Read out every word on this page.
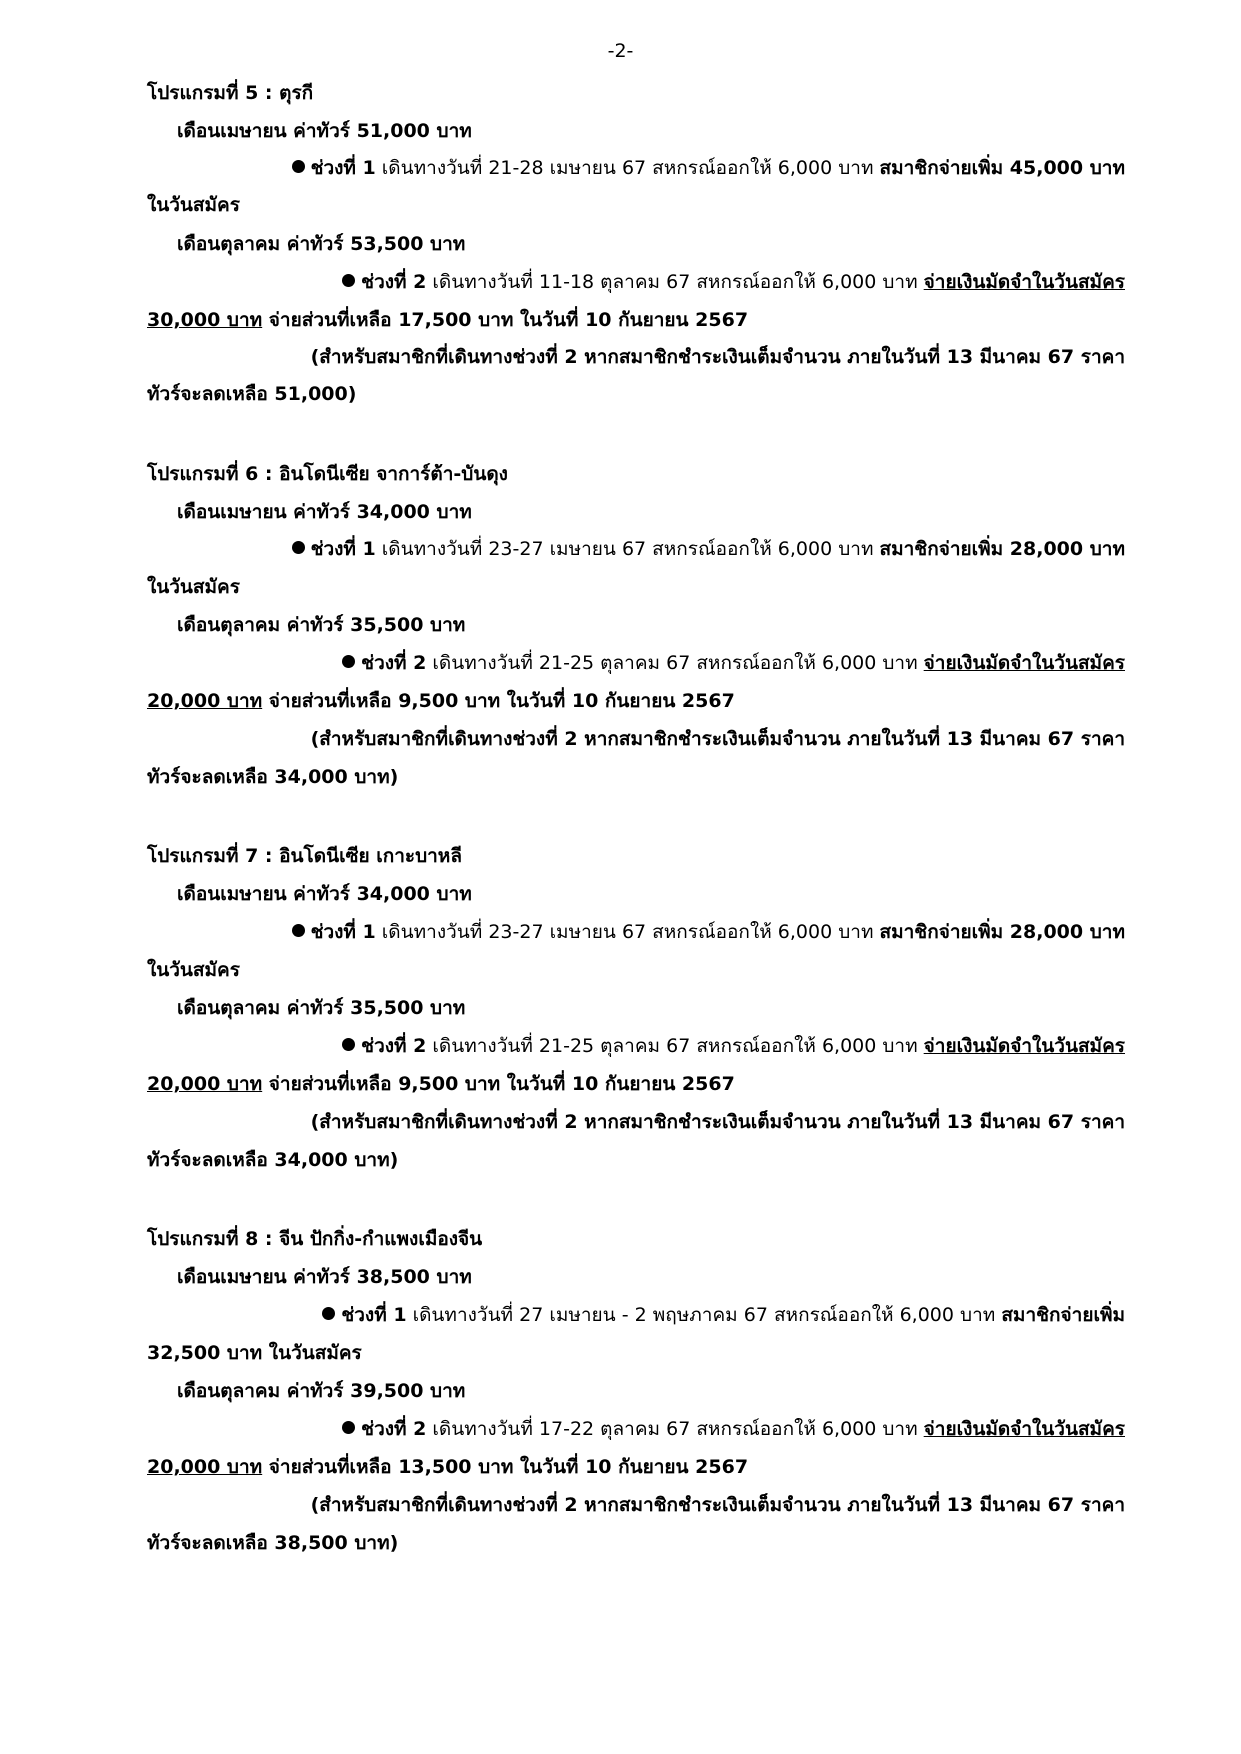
-2-
โปรแกรมที่ 5 : ตุรกี
เดือนเมษายน ค่าทัวร์ 51,000 บาท
ช่วงที่ 1 เดินทางวันที่ 21-28 เมษายน 67 สหกรณ์ออกให้ 6,000 บาท สมาชิกจ่ายเพิ่ม 45,000 บาท
ในวันสมัคร
เดือนตุลาคม ค่าทัวร์ 53,500 บาท
ช่วงที่ 2 เดินทางวันที่ 11-18 ตุลาคม 67 สหกรณ์ออกให้ 6,000 บาท จ่ายเงินมัดจำในวันสมัคร
30,000 บาท จ่ายส่วนที่เหลือ 17,500 บาท ในวันที่ 10 กันยายน 2567
(สำหรับสมาชิกที่เดินทางช่วงที่ 2 หากสมาชิกชำระเงินเต็มจำนวน ภายในวันที่ 13 มีนาคม 67 ราคา
ทัวร์จะลดเหลือ 51,000)
โปรแกรมที่ 6 : อินโดนีเซีย จาการ์ต้า-บันดุง
เดือนเมษายน ค่าทัวร์ 34,000 บาท
ช่วงที่ 1 เดินทางวันที่ 23-27 เมษายน 67 สหกรณ์ออกให้ 6,000 บาท สมาชิกจ่ายเพิ่ม 28,000 บาท
ในวันสมัคร
เดือนตุลาคม ค่าทัวร์ 35,500 บาท
ช่วงที่ 2 เดินทางวันที่ 21-25 ตุลาคม 67 สหกรณ์ออกให้ 6,000 บาท จ่ายเงินมัดจำในวันสมัคร
20,000 บาท จ่ายส่วนที่เหลือ 9,500 บาท ในวันที่ 10 กันยายน 2567
(สำหรับสมาชิกที่เดินทางช่วงที่ 2 หากสมาชิกชำระเงินเต็มจำนวน ภายในวันที่ 13 มีนาคม 67 ราคา
ทัวร์จะลดเหลือ 34,000 บาท)
โปรแกรมที่ 7 : อินโดนีเซีย เกาะบาหลี
เดือนเมษายน ค่าทัวร์ 34,000 บาท
ช่วงที่ 1 เดินทางวันที่ 23-27 เมษายน 67 สหกรณ์ออกให้ 6,000 บาท สมาชิกจ่ายเพิ่ม 28,000 บาท
ในวันสมัคร
เดือนตุลาคม ค่าทัวร์ 35,500 บาท
ช่วงที่ 2 เดินทางวันที่ 21-25 ตุลาคม 67 สหกรณ์ออกให้ 6,000 บาท จ่ายเงินมัดจำในวันสมัคร
20,000 บาท จ่ายส่วนที่เหลือ 9,500 บาท ในวันที่ 10 กันยายน 2567
(สำหรับสมาชิกที่เดินทางช่วงที่ 2 หากสมาชิกชำระเงินเต็มจำนวน ภายในวันที่ 13 มีนาคม 67 ราคา
ทัวร์จะลดเหลือ 34,000 บาท)
โปรแกรมที่ 8 : จีน ปักกิ่ง-กำแพงเมืองจีน
เดือนเมษายน ค่าทัวร์ 38,500 บาท
ช่วงที่ 1 เดินทางวันที่ 27 เมษายน - 2 พฤษภาคม 67 สหกรณ์ออกให้ 6,000 บาท สมาชิกจ่ายเพิ่ม
32,500 บาท ในวันสมัคร
เดือนตุลาคม ค่าทัวร์ 39,500 บาท
ช่วงที่ 2 เดินทางวันที่ 17-22 ตุลาคม 67 สหกรณ์ออกให้ 6,000 บาท จ่ายเงินมัดจำในวันสมัคร
20,000 บาท จ่ายส่วนที่เหลือ 13,500 บาท ในวันที่ 10 กันยายน 2567
(สำหรับสมาชิกที่เดินทางช่วงที่ 2 หากสมาชิกชำระเงินเต็มจำนวน ภายในวันที่ 13 มีนาคม 67 ราคา
ทัวร์จะลดเหลือ 38,500 บาท)
